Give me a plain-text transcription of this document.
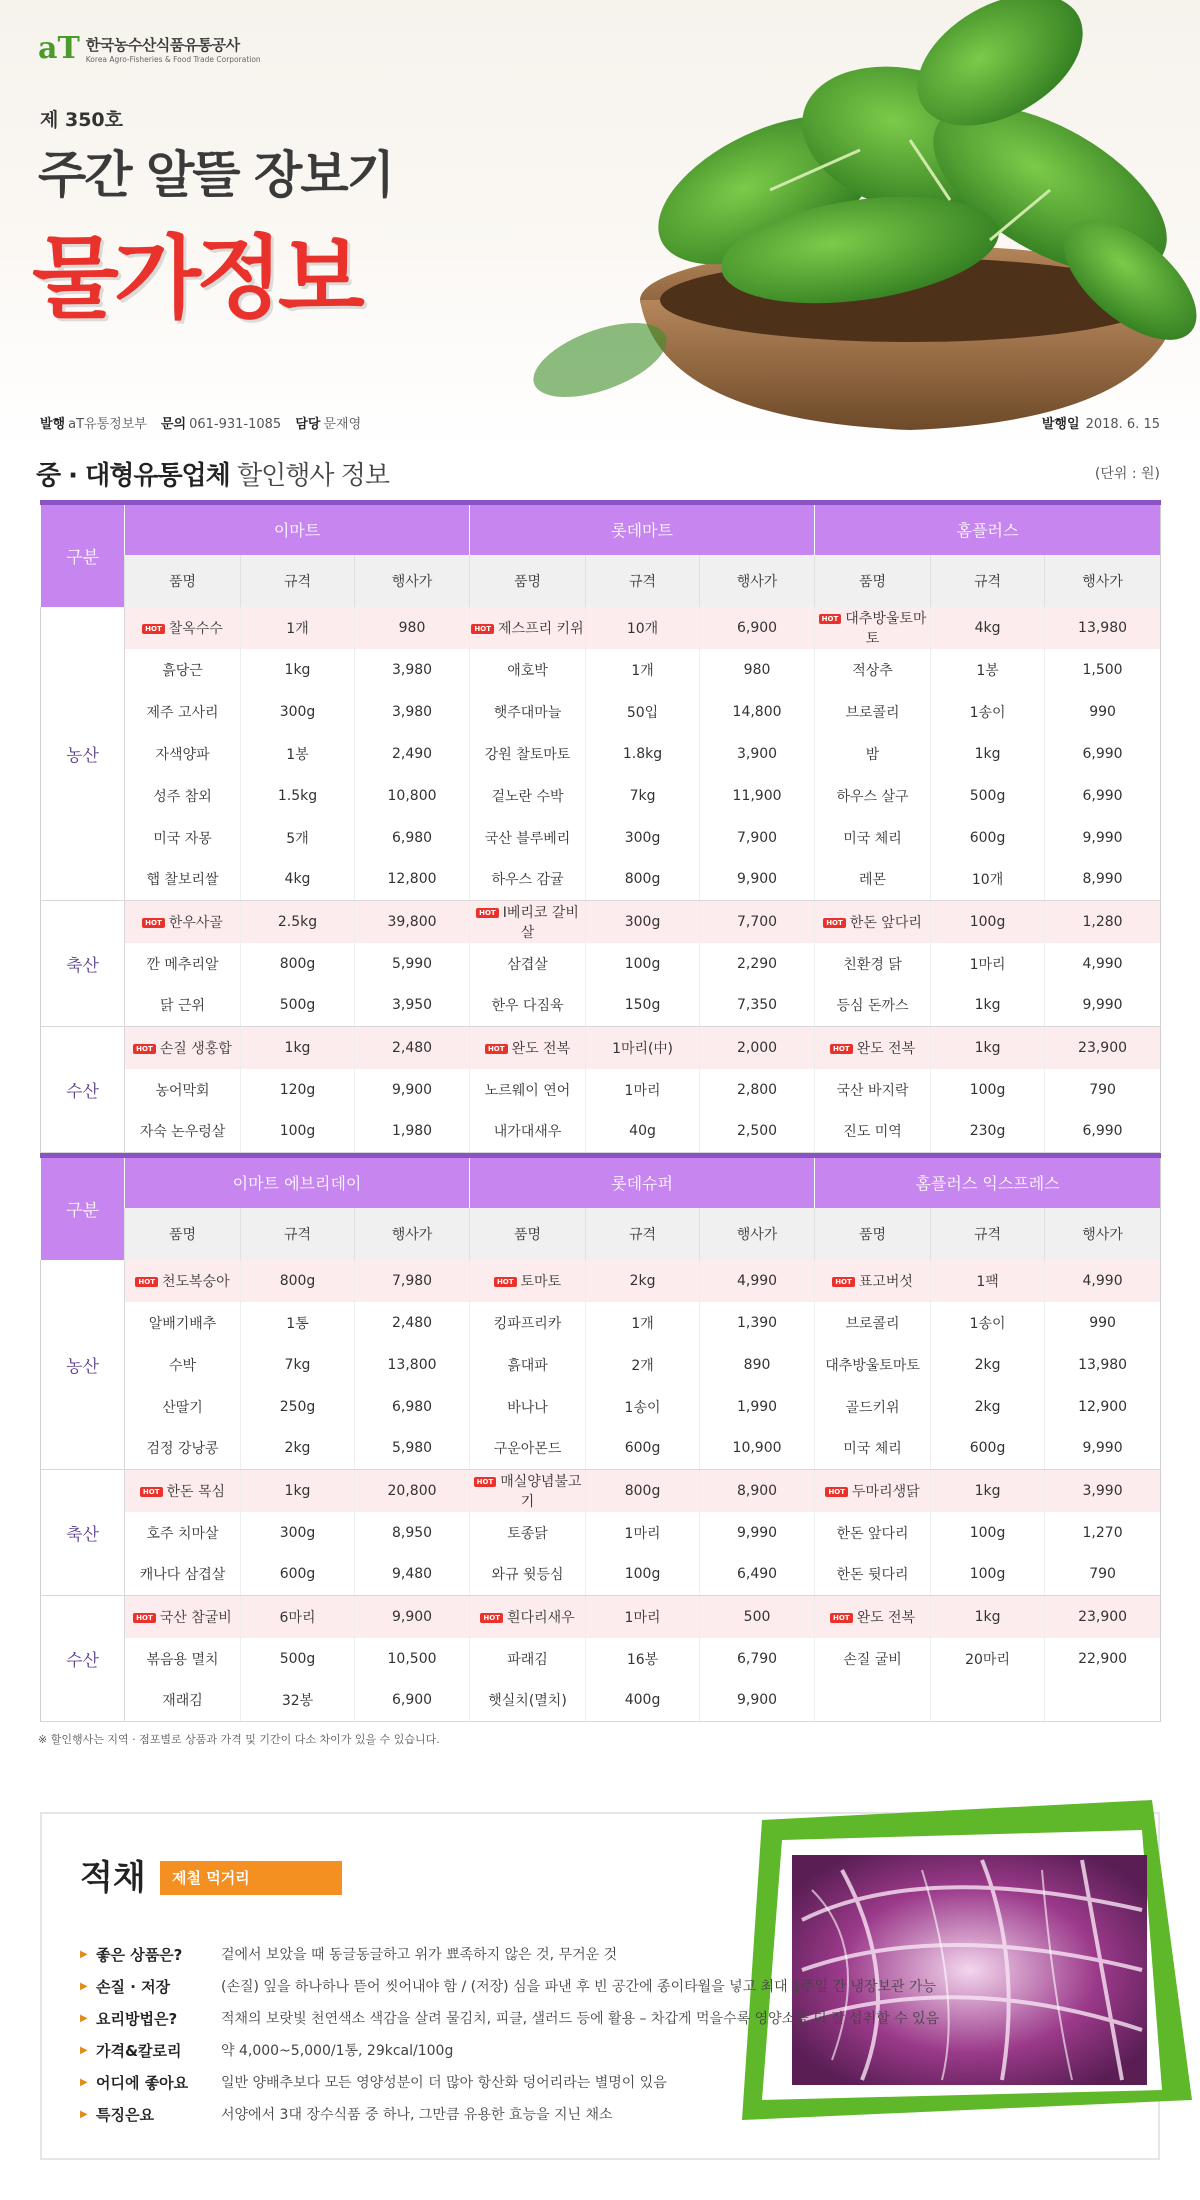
aT 한국농수산식품유통공사
Korea Agro-Fisheries & Food Trade Corporation
제 350호
주간 알뜰 장보기
물가정보
발행 aT유통정보부 문의 061-931-1085 담당 문재영	발행일 2018. 6. 15
중 · 대형유통업체 할인행사 정보	(단위 : 원)
구분	이마트			롯데마트			홈플러스		
	품명	규격	행사가	품명	규격	행사가	품명	규격	행사가
농산	HOT 찰옥수수	1개	980	HOT 제스프리 키위	10개	6,900	HOT 대추방울토마토	4kg	13,980
	흙당근	1kg	3,980	애호박	1개	980	적상추	1봉	1,500
	제주 고사리	300g	3,980	햇주대마늘	50입	14,800	브로콜리	1송이	990
	자색양파	1봉	2,490	강원 찰토마토	1.8kg	3,900	밤	1kg	6,990
	성주 참외	1.5kg	10,800	겉노란 수박	7kg	11,900	하우스 살구	500g	6,990
	미국 자몽	5개	6,980	국산 블루베리	300g	7,900	미국 체리	600g	9,990
	햅 찰보리쌀	4kg	12,800	하우스 감귤	800g	9,900	레몬	10개	8,990
축산	HOT 한우사골	2.5kg	39,800	HOT I베리코 갈비살	300g	7,700	HOT 한돈 앞다리	100g	1,280
	깐 메추리알	800g	5,990	삼겹살	100g	2,290	친환경 닭	1마리	4,990
	닭 근위	500g	3,950	한우 다짐육	150g	7,350	등심 돈까스	1kg	9,990
수산	HOT 손질 생홍합	1kg	2,480	HOT 완도 전복	1마리(中)	2,000	HOT 완도 전복	1kg	23,900
	농어막회	120g	9,900	노르웨이 연어	1마리	2,800	국산 바지락	100g	790
	자숙 논우렁살	100g	1,980	내가대새우	40g	2,500	진도 미역	230g	6,990
구분	이마트 에브리데이			롯데슈퍼			홈플러스 익스프레스		
	품명	규격	행사가	품명	규격	행사가	품명	규격	행사가
농산	HOT 천도복숭아	800g	7,980	HOT 토마토	2kg	4,990	HOT 표고버섯	1팩	4,990
	알배기배추	1통	2,480	킹파프리카	1개	1,390	브로콜리	1송이	990
	수박	7kg	13,800	흙대파	2개	890	대추방울토마토	2kg	13,980
	산딸기	250g	6,980	바나나	1송이	1,990	골드키위	2kg	12,900
	검정 강낭콩	2kg	5,980	구운아몬드	600g	10,900	미국 체리	600g	9,990
축산	HOT 한돈 목심	1kg	20,800	HOT 매실양념불고기	800g	8,900	HOT 두마리생닭	1kg	3,990
	호주 치마살	300g	8,950	토종닭	1마리	9,990	한돈 앞다리	100g	1,270
	캐나다 삼겹살	600g	9,480	와규 윗등심	100g	6,490	한돈 뒷다리	100g	790
수산	HOT 국산 참굴비	6마리	9,900	HOT 흰다리새우	1마리	500	HOT 완도 전복	1kg	23,900
	볶음용 멸치	500g	10,500	파래김	16봉	6,790	손질 굴비	20마리	22,900
	재래김	32봉	6,900	햇실치(멸치)	400g	9,900			
※ 할인행사는 지역 · 점포별로 상품과 가격 및 기간이 다소 차이가 있을 수 있습니다.
적채	제철 먹거리
▶ 좋은 상품은?	겉에서 보았을 때 동글동글하고 위가 뾰족하지 않은 것, 무거운 것
▶ 손질 · 저장	(손질) 잎을 하나하나 뜯어 씻어내야 함 / (저장) 심을 파낸 후 빈 공간에 종이타월을 넣고 최대 1주일 간 냉장보관 가능
▶ 요리방법은?	적채의 보랏빛 천연색소 색감을 살려 물김치, 피클, 샐러드 등에 활용 – 차갑게 먹을수록 영양소를 더 잘 섭취할 수 있음
▶ 가격&칼로리	약 4,000~5,000/1통, 29kcal/100g
▶ 어디에 좋아요	일반 양배추보다 모든 영양성분이 더 많아 항산화 덩어리라는 별명이 있음
▶ 특징은요	서양에서 3대 장수식품 중 하나, 그만큼 유용한 효능을 지닌 채소
